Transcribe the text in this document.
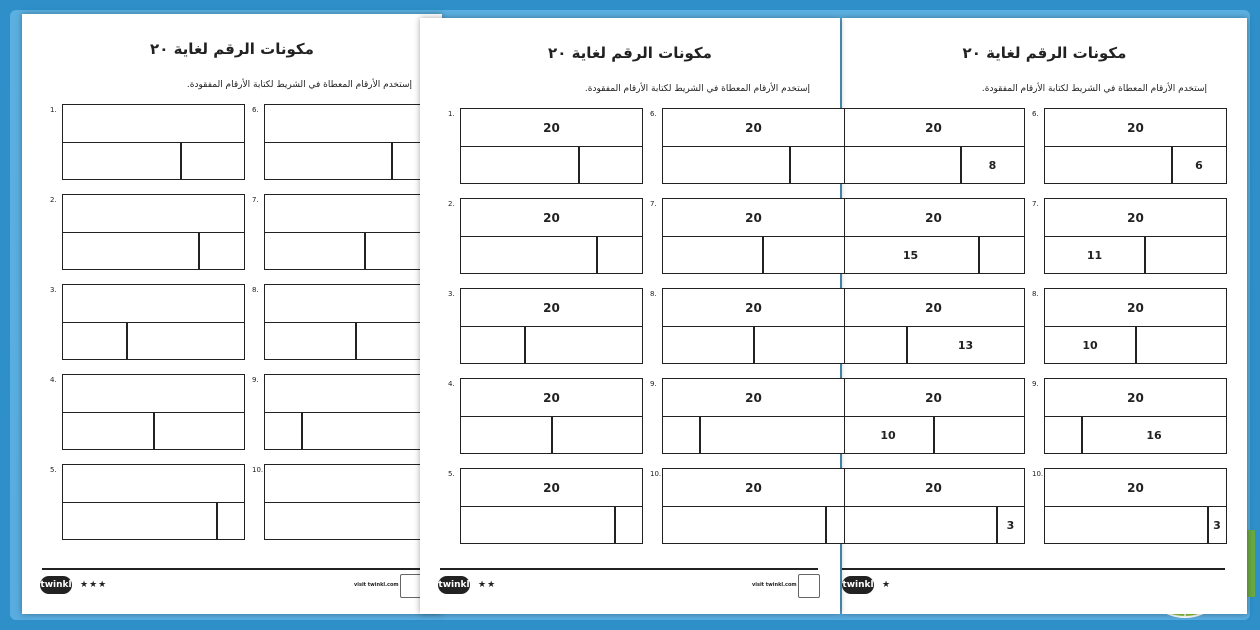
مكونات الرقم لغاية ٢٠
إستخدم الأرقام المعطاة في الشريط لكتابة الأرقام المفقودة.
1.
2.
3.
4.
5.
6.
7.
8.
9.
10.
twinkl ★★★	visit twinkl.com
مكونات الرقم لغاية ٢٠
إستخدم الأرقام المعطاة في الشريط لكتابة الأرقام المفقودة.
1.
20
2.
20
3.
20
4.
20
5.
20
6.
20
7.
20
8.
20
9.
20
10.
20
twinkl ★★	visit twinkl.com
مكونات الرقم لغاية ٢٠
إستخدم الأرقام المعطاة في الشريط لكتابة الأرقام المفقودة.
20
8
20
15
20
13
20
10
20
3
6.
20
6
7.
20
11
8.
20
10
9.
20
16
10.
20
3
twinkl ★
